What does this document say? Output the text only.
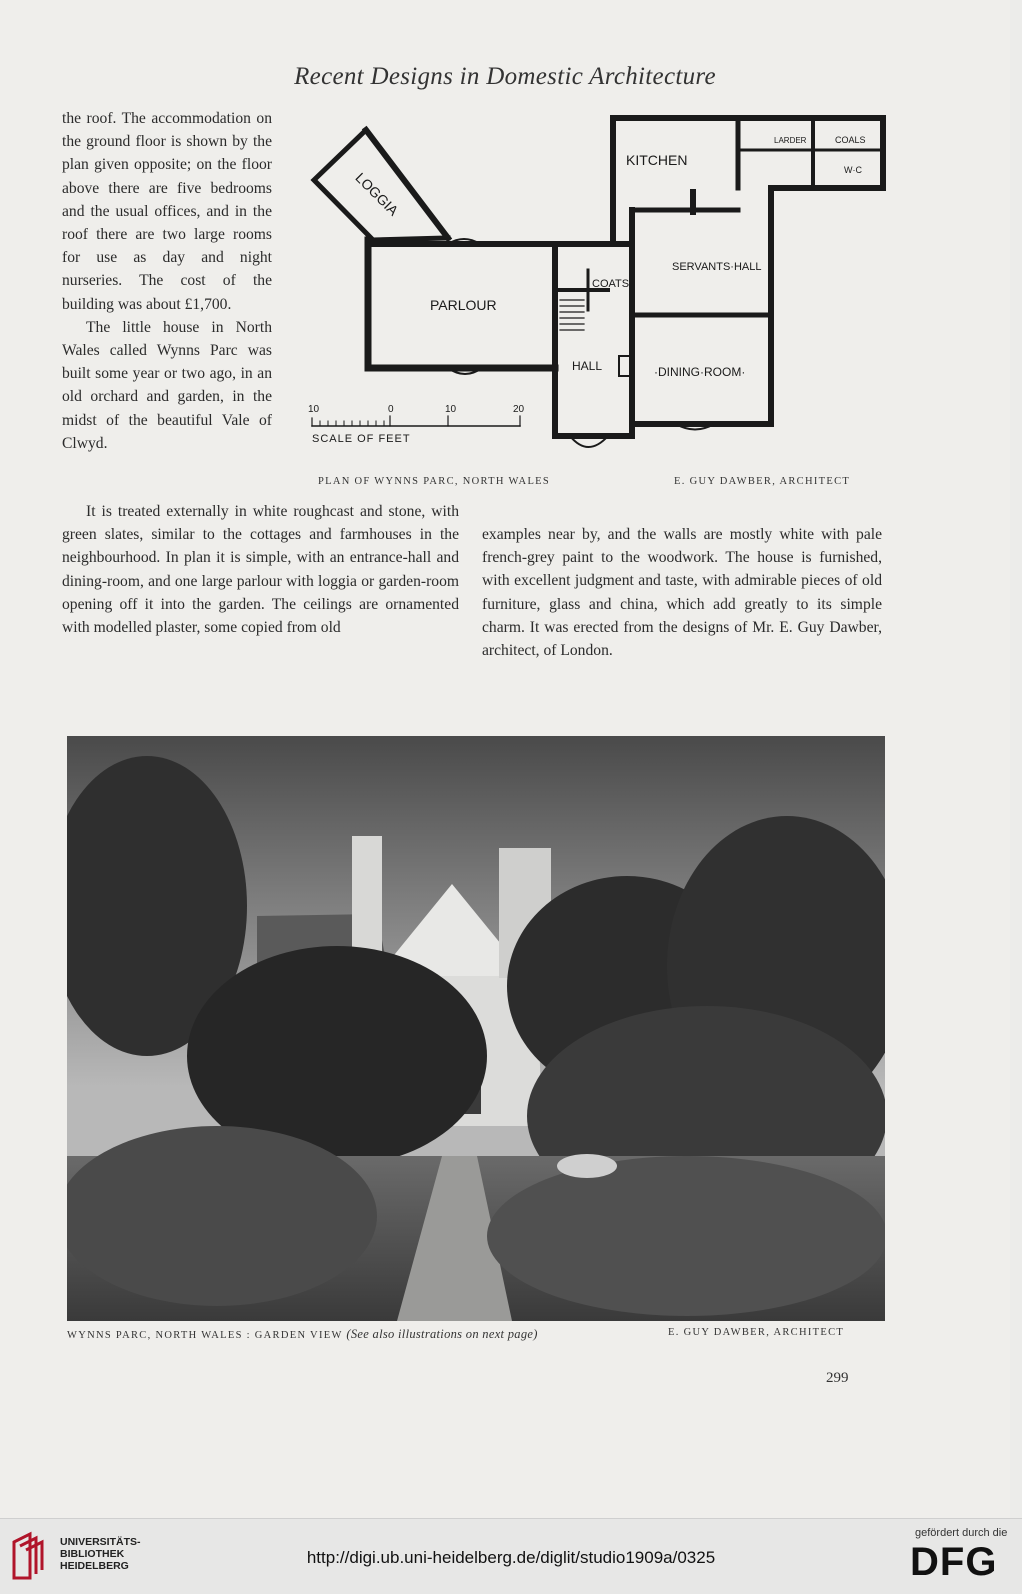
Recent Designs in Domestic Architecture

the roof. The accommodation on the ground floor is shown by the plan given opposite; on the floor above there are five bedrooms and the usual offices, and in the roof there are two large rooms for use as day and night nurseries. The cost of the building was about £1,700.

The little house in North Wales called Wynns Parc was built some year or two ago, in an old orchard and garden, in the midst of the beautiful Vale of Clwyd.

It is treated externally in white roughcast and stone, with green slates, similar to the cottages and farmhouses in the neighbourhood. In plan it is simple, with an entrance-hall and dining-room, and one large parlour with loggia or garden-room opening off it into the garden. The ceilings are ornamented with modelled plaster, some copied from old

examples near by, and the walls are mostly white with pale french-grey paint to the woodwork. The house is furnished, with excellent judgment and taste, with admirable pieces of old furniture, glass and china, which add greatly to its simple charm. It was erected from the designs of Mr. E. Guy Dawber, architect, of London.

LOGGIA
KITCHEN
LARDER	COALS
W·C
SERVANTS·HALL
COATS
PARLOUR
HALL	·DINING·ROOM·
10	0	10	20
SCALE OF FEET
PLAN OF WYNNS PARC, NORTH WALES	E. GUY DAWBER, ARCHITECT
WYNNS PARC, NORTH WALES : GARDEN VIEW (See also illustrations on next page)	E. GUY DAWBER, ARCHITECT
299
UNIVERSITÄTS-
BIBLIOTHEK
HEIDELBERG	http://digi.ub.uni-heidelberg.de/diglit/studio1909a/0325
gefördert durch die
DFG
